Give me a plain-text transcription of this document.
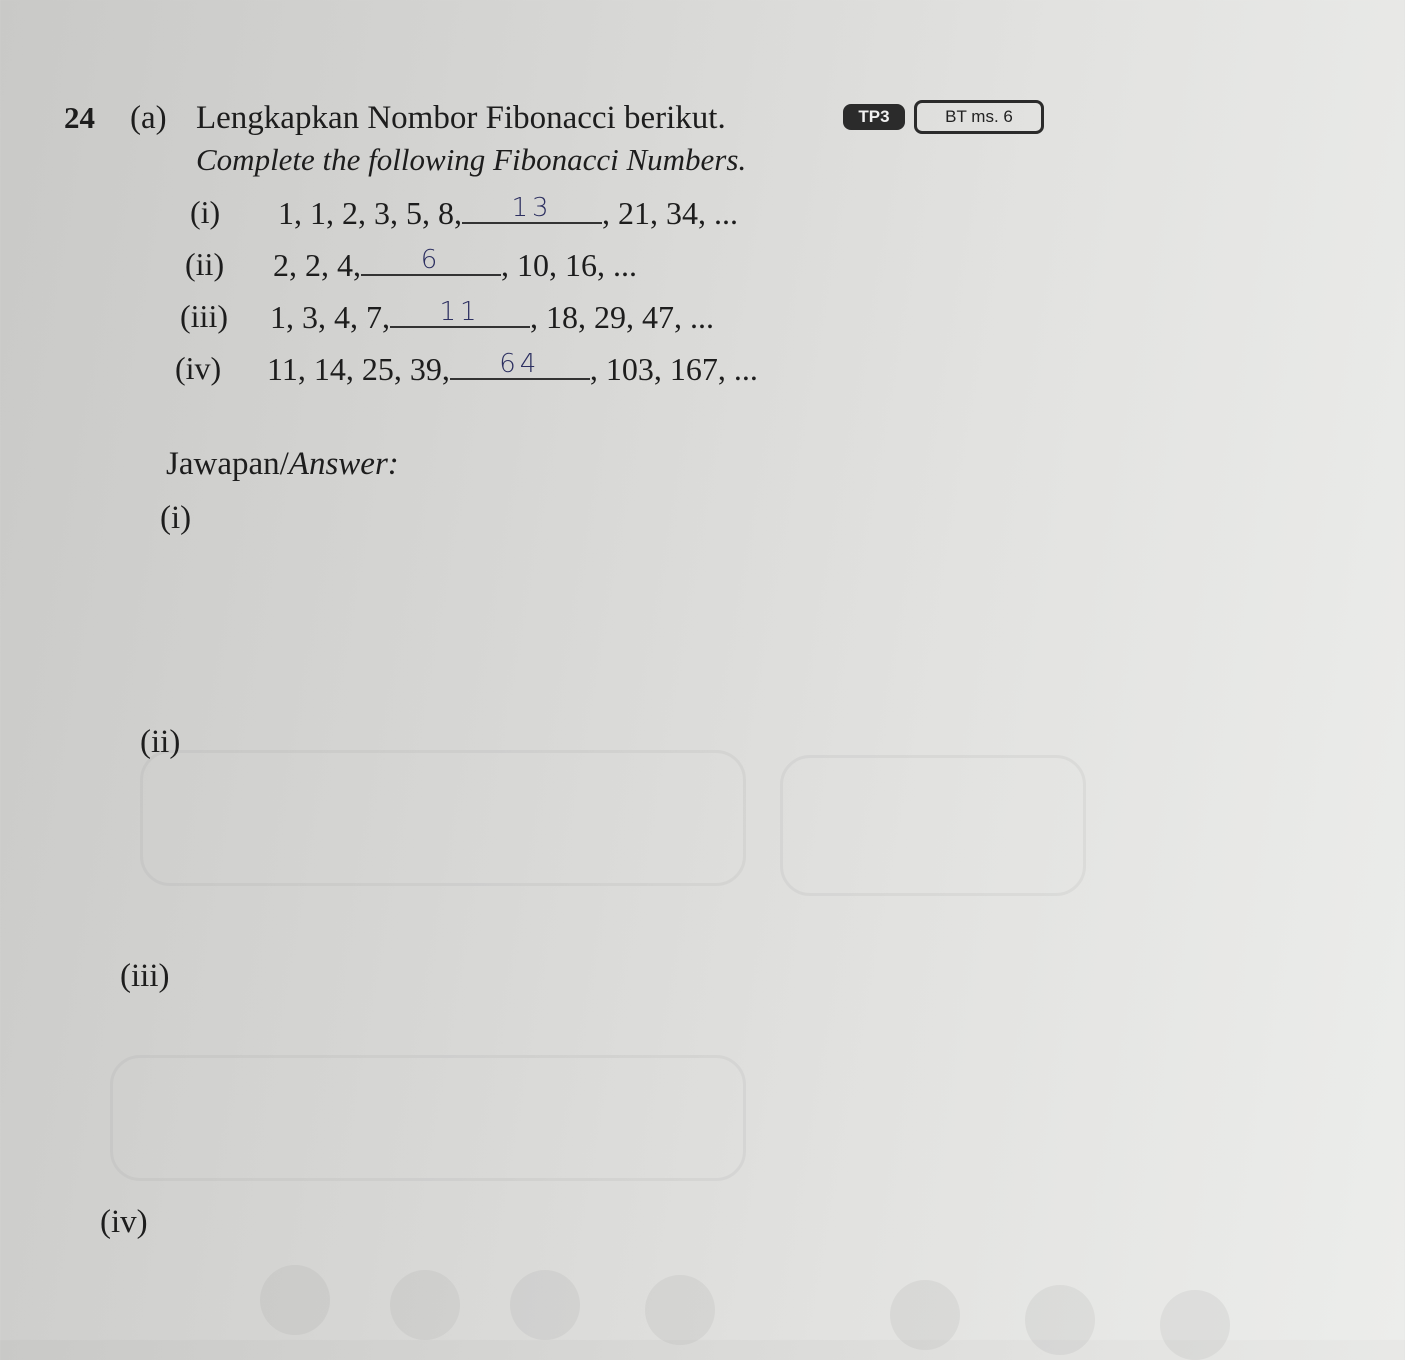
24 (a) Lengkapkan Nombor Fibonacci berikut.	TP3	BT ms. 6
Complete the following Fibonacci Numbers.
(i) 1, 1, 2, 3, 5, 8,	13	, 21, 34, ...
(ii) 2, 2, 4,	6	, 10, 16, ...
(iii) 1, 3, 4, 7,	11	, 18, 29, 47, ...
(iv) 11, 14, 25, 39,	64	, 103, 167, ...
Jawapan/Answer:
(i)
(ii)
(iii)
(iv)
